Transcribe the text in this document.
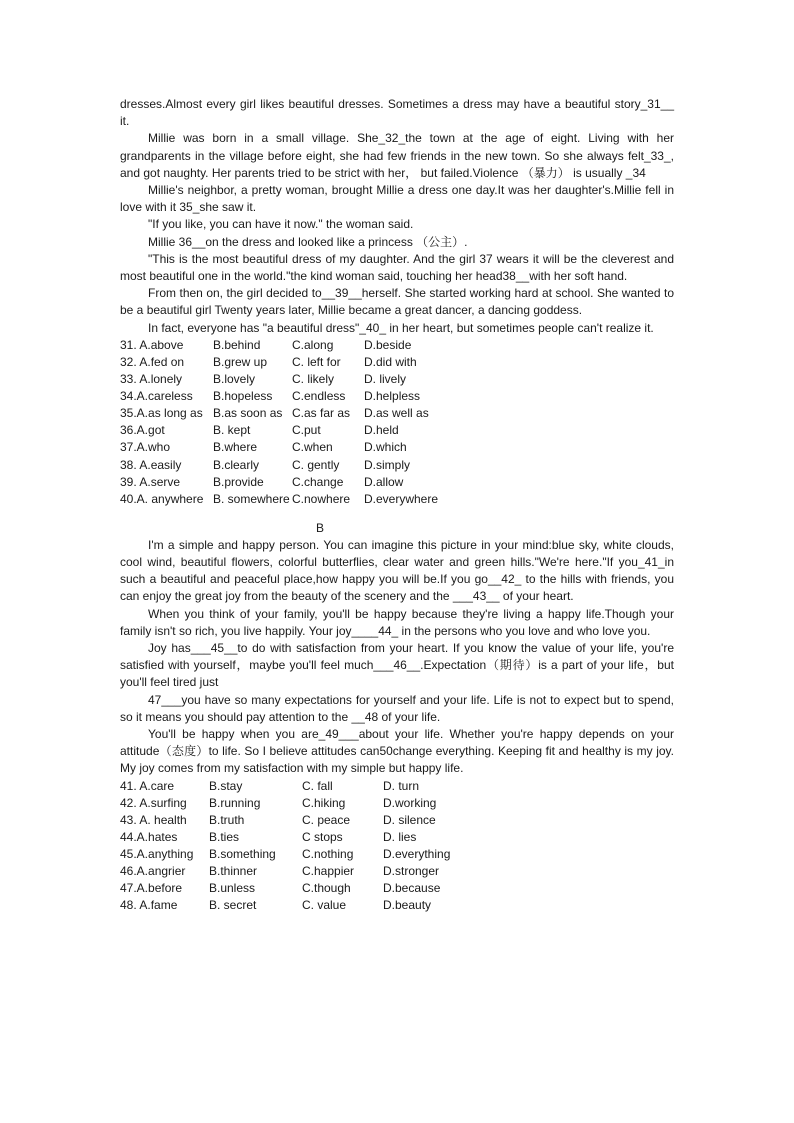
dresses.Almost every girl likes beautiful dresses. Sometimes a dress may have a beautiful story_31__ it.

Millie was born in a small village. She_32_the town at the age of eight. Living with her grandparents in the village before eight, she had few friends in the new town. So she always felt_33_, and got naughty. Her parents tried to be strict with her， but failed.Violence （暴力） is usually _34

Millie's neighbor, a pretty woman, brought Millie a dress one day.It was her daughter's.Millie fell in love with it 35_she saw it.

"If you like, you can have it now." the woman said.

Millie 36__on the dress and looked like a princess （公主）.

"This is the most beautiful dress of my daughter. And the girl 37 wears it will be the cleverest and most beautiful one in the world."the kind woman said, touching her head38__with her soft hand.

From then on, the girl decided to__39__herself. She started working hard at school. She wanted to be a beautiful girl Twenty years later, Millie became a great dancer, a dancing goddess.

In fact, everyone has "a beautiful dress"_40_ in her heart, but sometimes people can't realize it.

31. A.above B.behind	C.along	D.beside
32. A.fed on B.grew up C. left for D.did with
33. A.lonely	B.lovely	C. likely D. lively
34.A.careless B.hopeless C.endless D.helpless
35.A.as long as B.as soon as C.as far as D.as well as
36.A.got	B. kept	C.put	D.held
37.A.who	B.where	C.when	D.which
38. A.easily	B.clearly	C. gently D.simply
39. A.serve	B.provide C.change D.allow
40.A. anywhere B. somewhere C.nowhere D.everywhere
B

I'm a simple and happy person. You can imagine this picture in your mind:blue sky, white clouds, cool wind, beautiful flowers, colorful butterflies, clear water and green hills."We're here."If you_41_in such a beautiful and peaceful place,how happy you will be.If you go__42_ to the hills with friends, you can enjoy the great joy from the beauty of the scenery and the ___43__ of your heart.

When you think of your family, you'll be happy because they're living a happy life.Though your family isn't so rich, you live happily. Your joy____44_ in the persons who you love and who love you.

Joy has___45__to do with satisfaction from your heart. If you know the value of your life, you're satisfied with yourself，maybe you'll feel much___46__.Expectation（期待）is a part of your life，but you'll feel tired just

47___you have so many expectations for yourself and your life. Life is not to expect but to spend, so it means you should pay attention to the __48 of your life.

You'll be happy when you are_49___about your life. Whether you're happy depends on your attitude（态度）to life. So I believe attitudes can50change everything. Keeping fit and healthy is my joy. My joy comes from my satisfaction with my simple but happy life.

41. A.care	B.stay	C. fall	D. turn
42. A.surfing B.running	C.hiking	D.working
43. A. health B.truth	C. peace	D. silence
44.A.hates	B.ties	C stops	D. lies
45.A.anything B.something C.nothing D.everything
46.A.angrier B.thinner	C.happier D.stronger
47.A.before B.unless	C.though	D.because
48. A.fame	B. secret	C. value	D.beauty
